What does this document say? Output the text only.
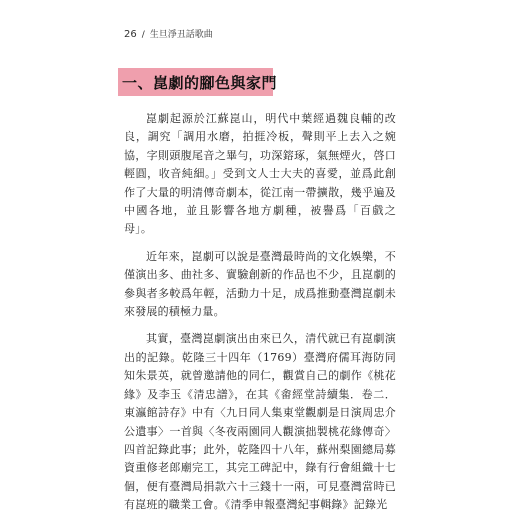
26 / 生旦淨丑話歌曲
一、崑劇的腳色與家門

崑劇起源於江蘇崑山，明代中葉經過魏良輔的改良，調究「調用水磨，拍捱冷板，聲則平上去入之婉協，字則頭腹尾音之畢勻，功深鎔琢，氣無煙火，啓口輕圓，收音純細。」受到文人士大夫的喜愛，並爲此創作了大量的明清傳奇劇本，從江南一帶擴散，幾乎遍及中國各地，並且影響各地方劇種，被譽爲「百戲之母」。

近年來，崑劇可以說是臺灣最時尚的文化娛樂，不僅演出多、曲社多、實驗創新的作品也不少，且崑劇的參與者多較爲年輕，活動力十足，成爲推動臺灣崑劇未來發展的積極力量。

其實，臺灣崑劇演出由來已久，清代就已有崑劇演出的記錄。乾隆三十四年（1769）臺灣府儒耳海防同知朱景英，就曾邀請他的同仁，觀賞自己的劇作《桃花緣》及李玉《清忠譜》，在其《畬經堂詩續集．卷二．東瀛館詩存》中有〈九日同人集東堂觀劇是日演周忠介公遺事〉一首與〈冬夜兩園同人觀演拙製桃花緣傳奇〉四首記錄此事；此外，乾隆四十八年，蘇州梨園總局募資重修老郎廟完工，其完工碑記中，錄有行會組織十七個，便有臺灣局捐款六十三錢十一兩，可見臺灣當時已有崑班的職業工會。《清季申報臺灣紀事輯錄》記錄光
